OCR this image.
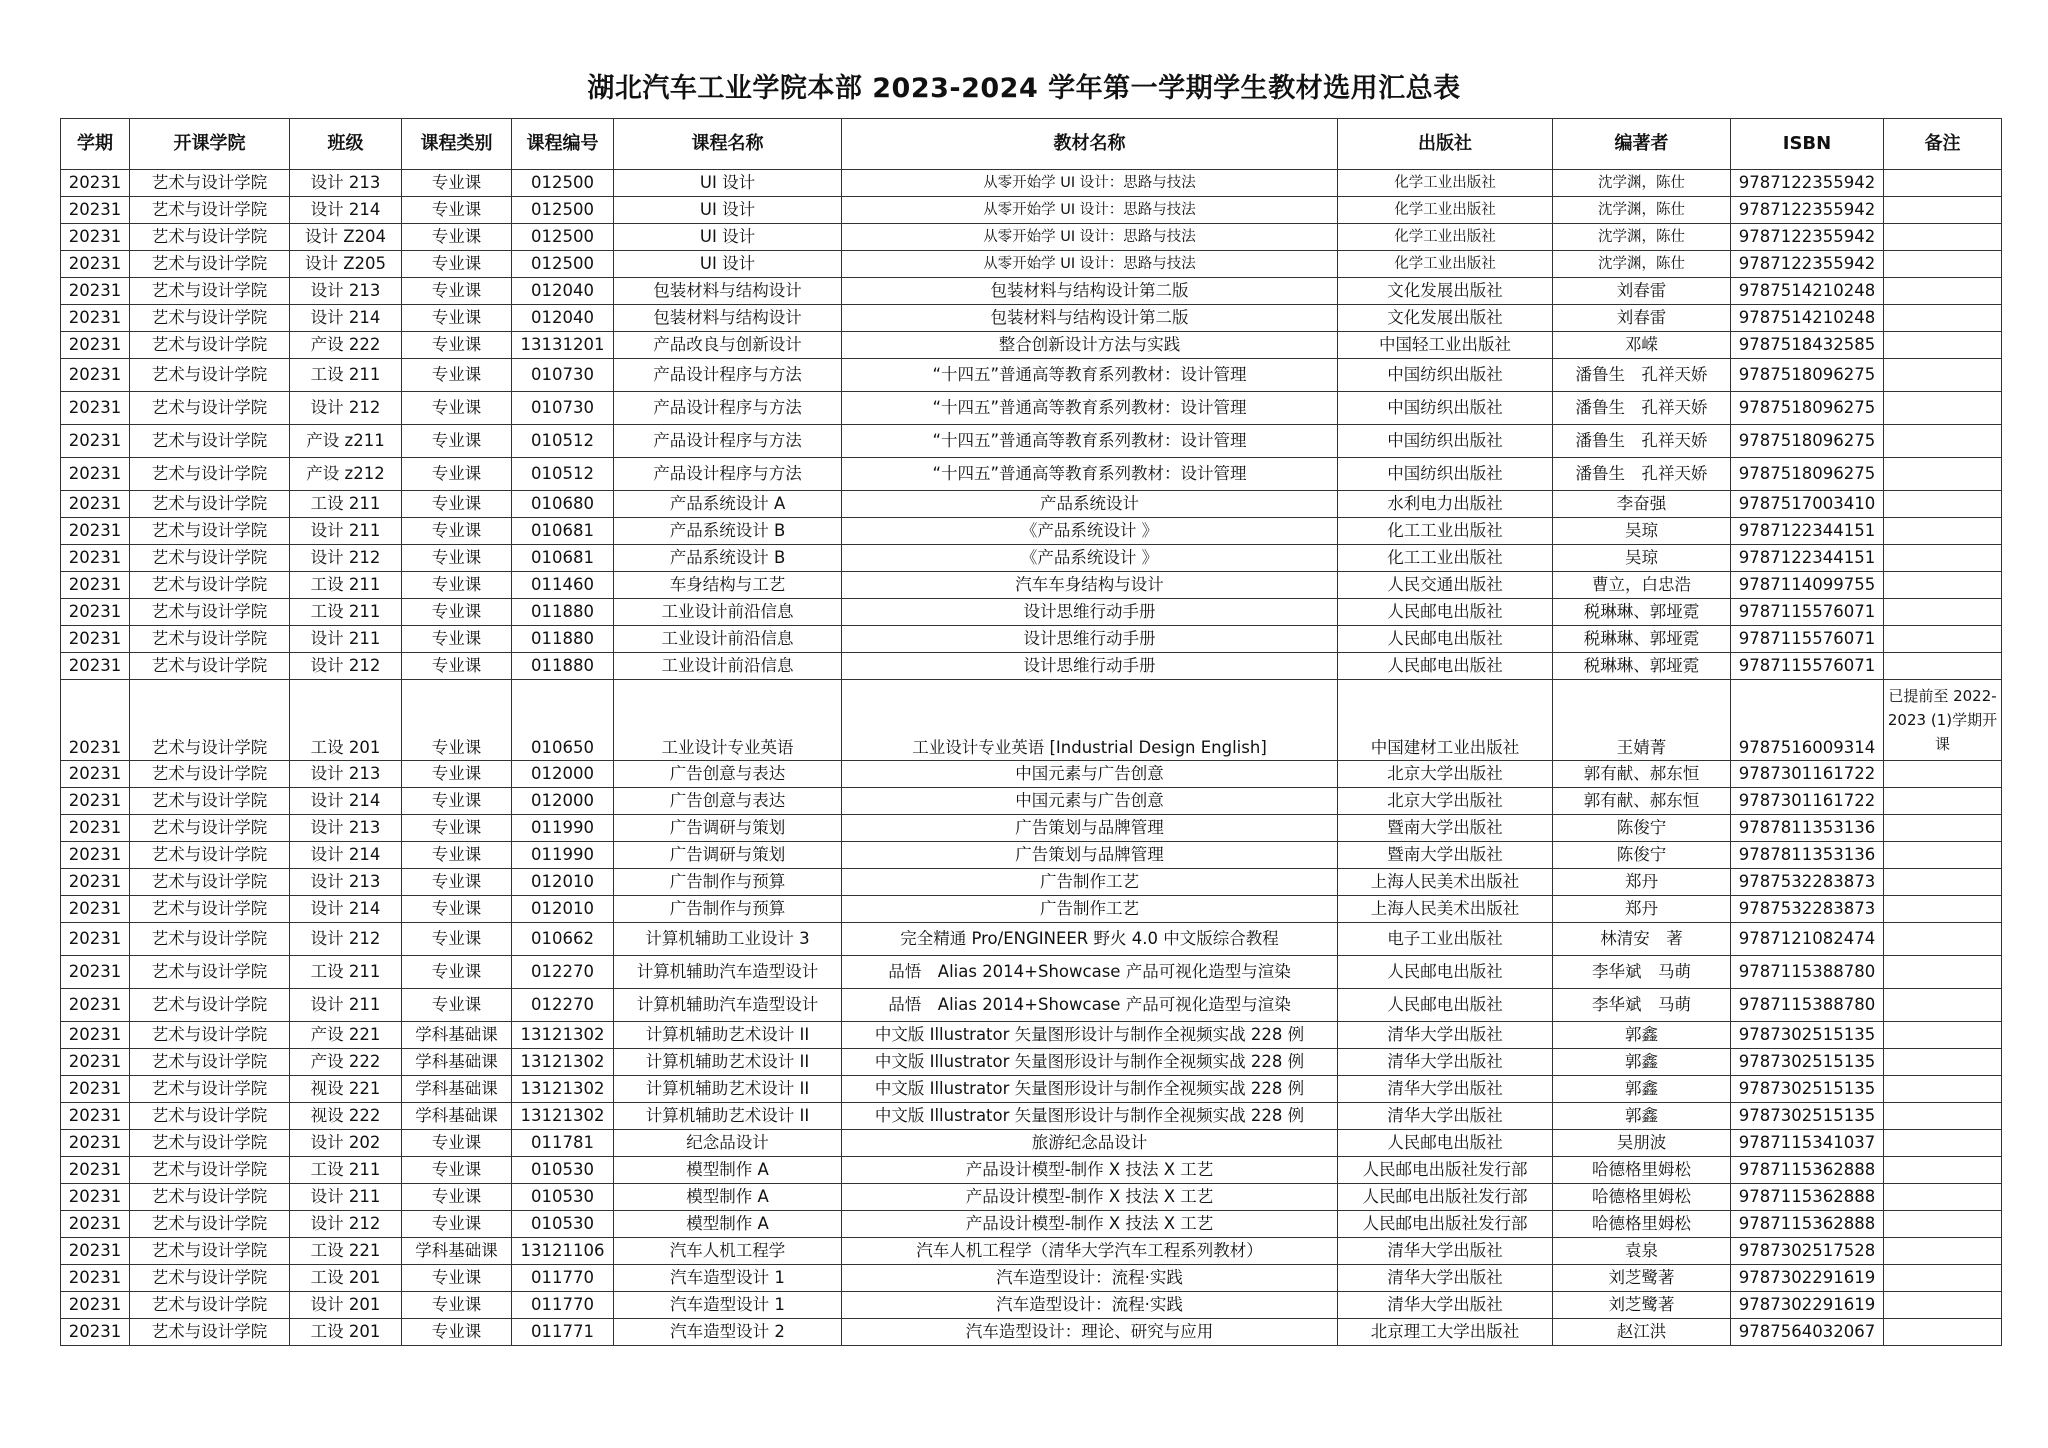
湖北汽车工业学院本部 2023-2024 学年第一学期学生教材选用汇总表
学期	开课学院	班级	课程类别	课程编号	课程名称	教材名称	出版社	编著者	ISBN	备注
20231	艺术与设计学院	设计 213	专业课	012500	UI 设计	从零开始学 UI 设计：思路与技法	化学工业出版社	沈学渊，陈仕	9787122355942	
20231	艺术与设计学院	设计 214	专业课	012500	UI 设计	从零开始学 UI 设计：思路与技法	化学工业出版社	沈学渊，陈仕	9787122355942	
20231	艺术与设计学院	设计 Z204	专业课	012500	UI 设计	从零开始学 UI 设计：思路与技法	化学工业出版社	沈学渊，陈仕	9787122355942	
20231	艺术与设计学院	设计 Z205	专业课	012500	UI 设计	从零开始学 UI 设计：思路与技法	化学工业出版社	沈学渊，陈仕	9787122355942	
20231	艺术与设计学院	设计 213	专业课	012040	包装材料与结构设计	包装材料与结构设计第二版	文化发展出版社	刘春雷	9787514210248	
20231	艺术与设计学院	设计 214	专业课	012040	包装材料与结构设计	包装材料与结构设计第二版	文化发展出版社	刘春雷	9787514210248	
20231	艺术与设计学院	产设 222	专业课	13131201	产品改良与创新设计	整合创新设计方法与实践	中国轻工业出版社	邓嵘	9787518432585	
20231	艺术与设计学院	工设 211	专业课	010730	产品设计程序与方法	“十四五”普通高等教育系列教材：设计管理	中国纺织出版社	潘鲁生　孔祥天娇	9787518096275	
20231	艺术与设计学院	设计 212	专业课	010730	产品设计程序与方法	“十四五”普通高等教育系列教材：设计管理	中国纺织出版社	潘鲁生　孔祥天娇	9787518096275	
20231	艺术与设计学院	产设 z211	专业课	010512	产品设计程序与方法	“十四五”普通高等教育系列教材：设计管理	中国纺织出版社	潘鲁生　孔祥天娇	9787518096275	
20231	艺术与设计学院	产设 z212	专业课	010512	产品设计程序与方法	“十四五”普通高等教育系列教材：设计管理	中国纺织出版社	潘鲁生　孔祥天娇	9787518096275	
20231	艺术与设计学院	工设 211	专业课	010680	产品系统设计 A	产品系统设计	水利电力出版社	李奋强	9787517003410	
20231	艺术与设计学院	设计 211	专业课	010681	产品系统设计 B	《产品系统设计 》	化工工业出版社	吴琼	9787122344151	
20231	艺术与设计学院	设计 212	专业课	010681	产品系统设计 B	《产品系统设计 》	化工工业出版社	吴琼	9787122344151	
20231	艺术与设计学院	工设 211	专业课	011460	车身结构与工艺	汽车车身结构与设计	人民交通出版社	曹立，白忠浩	9787114099755	
20231	艺术与设计学院	工设 211	专业课	011880	工业设计前沿信息	设计思维行动手册	人民邮电出版社	税琳琳、郭垭霓	9787115576071	
20231	艺术与设计学院	设计 211	专业课	011880	工业设计前沿信息	设计思维行动手册	人民邮电出版社	税琳琳、郭垭霓	9787115576071	
20231	艺术与设计学院	设计 212	专业课	011880	工业设计前沿信息	设计思维行动手册	人民邮电出版社	税琳琳、郭垭霓	9787115576071	
20231	艺术与设计学院	工设 201	专业课	010650	工业设计专业英语	工业设计专业英语 [Industrial Design English]	中国建材工业出版社	王婧菁	9787516009314	已提前至 2022-2023 (1)学期开课
20231	艺术与设计学院	设计 213	专业课	012000	广告创意与表达	中国元素与广告创意	北京大学出版社	郭有献、郝东恒	9787301161722	
20231	艺术与设计学院	设计 214	专业课	012000	广告创意与表达	中国元素与广告创意	北京大学出版社	郭有献、郝东恒	9787301161722	
20231	艺术与设计学院	设计 213	专业课	011990	广告调研与策划	广告策划与品牌管理	暨南大学出版社	陈俊宁	9787811353136	
20231	艺术与设计学院	设计 214	专业课	011990	广告调研与策划	广告策划与品牌管理	暨南大学出版社	陈俊宁	9787811353136	
20231	艺术与设计学院	设计 213	专业课	012010	广告制作与预算	广告制作工艺	上海人民美术出版社	郑丹	9787532283873	
20231	艺术与设计学院	设计 214	专业课	012010	广告制作与预算	广告制作工艺	上海人民美术出版社	郑丹	9787532283873	
20231	艺术与设计学院	设计 212	专业课	010662	计算机辅助工业设计 3	完全精通 Pro/ENGINEER 野火 4.0 中文版综合教程	电子工业出版社	林清安　著	9787121082474	
20231	艺术与设计学院	工设 211	专业课	012270	计算机辅助汽车造型设计	品悟　Alias 2014+Showcase 产品可视化造型与渲染	人民邮电出版社	李华斌　马萌	9787115388780	
20231	艺术与设计学院	设计 211	专业课	012270	计算机辅助汽车造型设计	品悟　Alias 2014+Showcase 产品可视化造型与渲染	人民邮电出版社	李华斌　马萌	9787115388780	
20231	艺术与设计学院	产设 221	学科基础课	13121302	计算机辅助艺术设计 II	中文版 Illustrator 矢量图形设计与制作全视频实战 228 例	清华大学出版社	郭鑫	9787302515135	
20231	艺术与设计学院	产设 222	学科基础课	13121302	计算机辅助艺术设计 II	中文版 Illustrator 矢量图形设计与制作全视频实战 228 例	清华大学出版社	郭鑫	9787302515135	
20231	艺术与设计学院	视设 221	学科基础课	13121302	计算机辅助艺术设计 II	中文版 Illustrator 矢量图形设计与制作全视频实战 228 例	清华大学出版社	郭鑫	9787302515135	
20231	艺术与设计学院	视设 222	学科基础课	13121302	计算机辅助艺术设计 II	中文版 Illustrator 矢量图形设计与制作全视频实战 228 例	清华大学出版社	郭鑫	9787302515135	
20231	艺术与设计学院	设计 202	专业课	011781	纪念品设计	旅游纪念品设计	人民邮电出版社	吴朋波	9787115341037	
20231	艺术与设计学院	工设 211	专业课	010530	模型制作 A	产品设计模型-制作 X 技法 X 工艺	人民邮电出版社发行部	哈德格里姆松	9787115362888	
20231	艺术与设计学院	设计 211	专业课	010530	模型制作 A	产品设计模型-制作 X 技法 X 工艺	人民邮电出版社发行部	哈德格里姆松	9787115362888	
20231	艺术与设计学院	设计 212	专业课	010530	模型制作 A	产品设计模型-制作 X 技法 X 工艺	人民邮电出版社发行部	哈德格里姆松	9787115362888	
20231	艺术与设计学院	工设 221	学科基础课	13121106	汽车人机工程学	汽车人机工程学（清华大学汽车工程系列教材）	清华大学出版社	袁泉	9787302517528	
20231	艺术与设计学院	工设 201	专业课	011770	汽车造型设计 1	汽车造型设计：流程·实践	清华大学出版社	刘芝鹭著	9787302291619	
20231	艺术与设计学院	设计 201	专业课	011770	汽车造型设计 1	汽车造型设计：流程·实践	清华大学出版社	刘芝鹭著	9787302291619	
20231	艺术与设计学院	工设 201	专业课	011771	汽车造型设计 2	汽车造型设计：理论、研究与应用	北京理工大学出版社	赵江洪	9787564032067	
